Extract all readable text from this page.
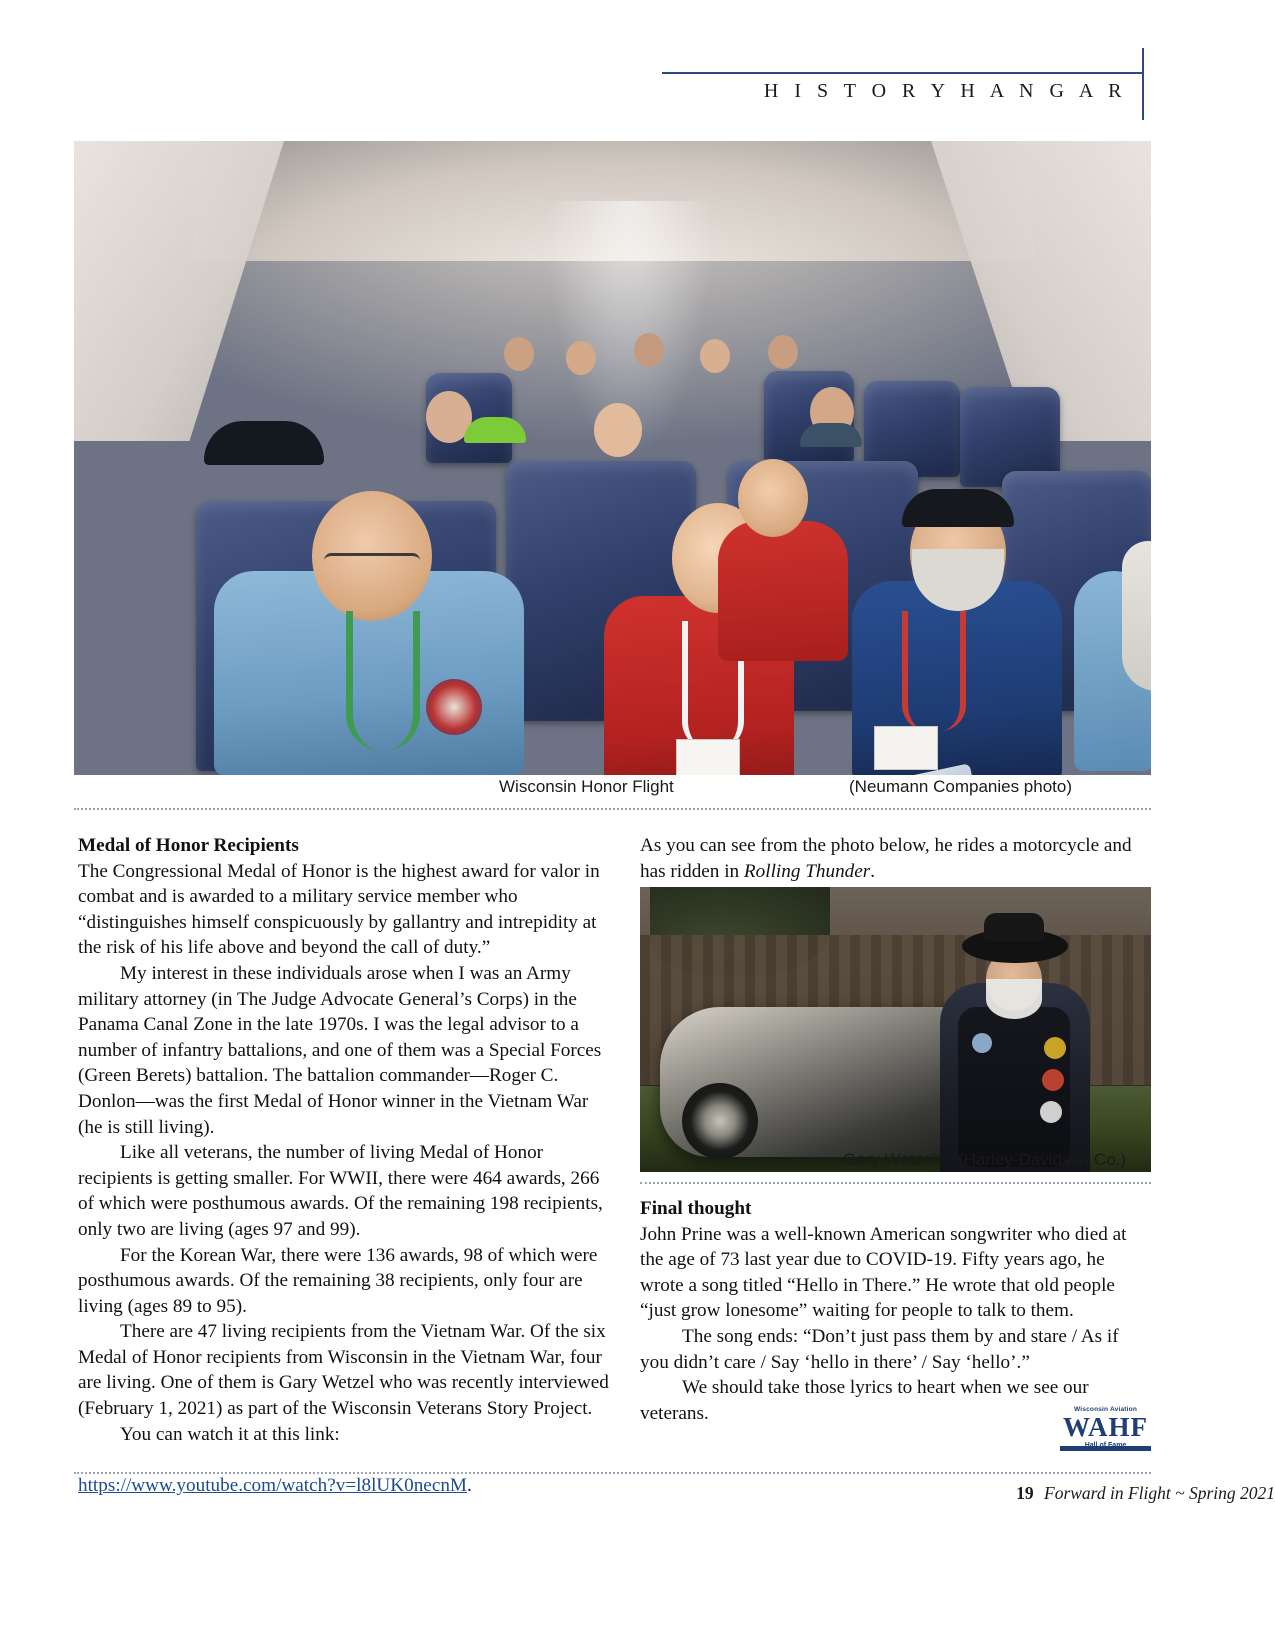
H I S T O R Y H A N G A R
Wisconsin Honor Flight	(Neumann Companies photo)

Medal of Honor Recipients

The Congressional Medal of Honor is the highest award for valor in combat and is awarded to a military service member who “distinguishes himself conspicuously by gallantry and intrepidity at the risk of his life above and beyond the call of duty.”

My interest in these individuals arose when I was an Army military attorney (in The Judge Advocate General’s Corps) in the Panama Canal Zone in the late 1970s. I was the legal advisor to a number of infantry battalions, and one of them was a Special Forces (Green Berets) battalion. The battalion commander—Roger C. Donlon—was the first Medal of Honor winner in the Vietnam War (he is still living).

Like all veterans, the number of living Medal of Honor recipients is getting smaller. For WWII, there were 464 awards, 266 of which were posthumous awards. Of the remaining 198 recipients, only two are living (ages 97 and 99).

For the Korean War, there were 136 awards, 98 of which were posthumous awards. Of the remaining 38 recipients, only four are living (ages 89 to 95).

There are 47 living recipients from the Vietnam War. Of the six Medal of Honor recipients from Wisconsin in the Vietnam War, four are living. One of them is Gary Wetzel who was recently interviewed (February 1, 2021) as part of the Wisconsin Veterans Story Project.

You can watch it at this link:

https://www.youtube.com/watch?v=l8lUK0necnM.

As you can see from the photo below, he rides a motorcycle and has ridden in Rolling Thunder.

Gary Wetzel (Harley-Davidson Co.)

Final thought

John Prine was a well-known American songwriter who died at the age of 73 last year due to COVID-19. Fifty years ago, he wrote a song titled “Hello in There.” He wrote that old people “just grow lonesome” waiting for people to talk to them.

The song ends: “Don’t just pass them by and stare / As if you didn’t care / Say ‘hello in there’ / Say ‘hello’.”

We should take those lyrics to heart when we see our veterans.	Wisconsin Aviation
WAHF
19 Forward in Flight ~ Spring 2021
